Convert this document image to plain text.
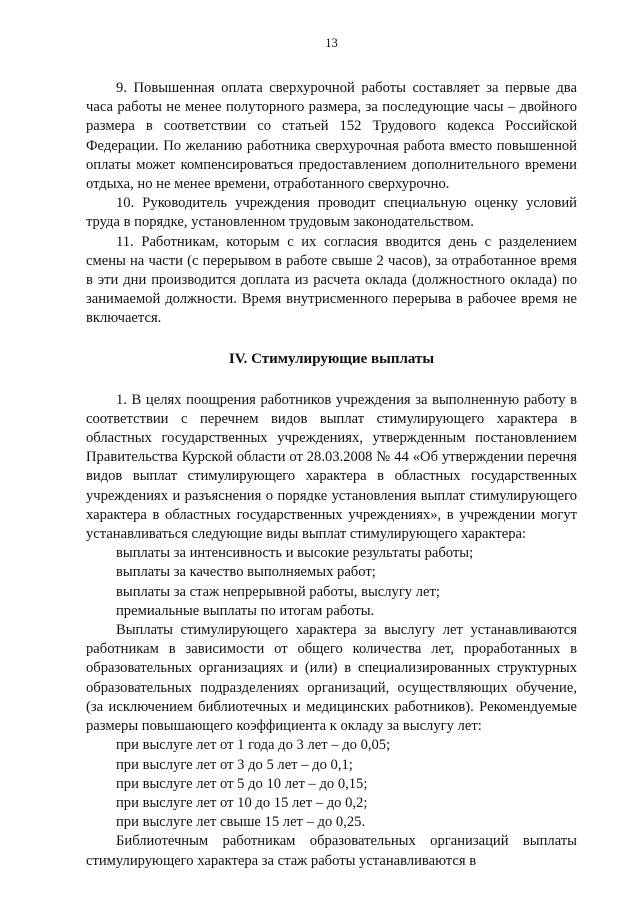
13

9. Повышенная оплата сверхурочной работы составляет за первые два часа работы не менее полуторного размера, за последующие часы – двойного размера в соответствии со статьей 152 Трудового кодекса Российской Федерации. По желанию работника сверхурочная работа вместо повышенной оплаты может компенсироваться предоставлением дополнительного времени отдыха, но не менее времени, отработанного сверхурочно.

10. Руководитель учреждения проводит специальную оценку условий труда в порядке, установленном трудовым законодательством.

11. Работникам, которым с их согласия вводится день с разделением смены на части (с перерывом в работе свыше 2 часов), за отработанное время в эти дни производится доплата из расчета оклада (должностного оклада) по занимаемой должности. Время внутрисменного перерыва в рабочее время не включается.

IV. Стимулирующие выплаты

1. В целях поощрения работников учреждения за выполненную работу в соответствии с перечнем видов выплат стимулирующего характера в областных государственных учреждениях, утвержденным постановлением Правительства Курской области от 28.03.2008 № 44 «Об утверждении перечня видов выплат стимулирующего характера в областных государственных учреждениях и разъяснения о порядке установления выплат стимулирующего характера в областных государственных учреждениях», в учреждении могут устанавливаться следующие виды выплат стимулирующего характера:

выплаты за интенсивность и высокие результаты работы;

выплаты за качество выполняемых работ;

выплаты за стаж непрерывной работы, выслугу лет;

премиальные выплаты по итогам работы.

Выплаты стимулирующего характера за выслугу лет устанавливаются работникам в зависимости от общего количества лет, проработанных в образовательных организациях и (или) в специализированных структурных образовательных подразделениях организаций, осуществляющих обучение, (за исключением библиотечных и медицинских работников). Рекомендуемые размеры повышающего коэффициента к окладу за выслугу лет:

при выслуге лет от 1 года до 3 лет – до 0,05;

при выслуге лет от 3 до 5 лет – до 0,1;

при выслуге лет от 5 до 10 лет – до 0,15;

при выслуге лет от 10 до 15 лет – до 0,2;

при выслуге лет свыше 15 лет – до 0,25.

Библиотечным работникам образовательных организаций выплаты стимулирующего характера за стаж работы устанавливаются в
